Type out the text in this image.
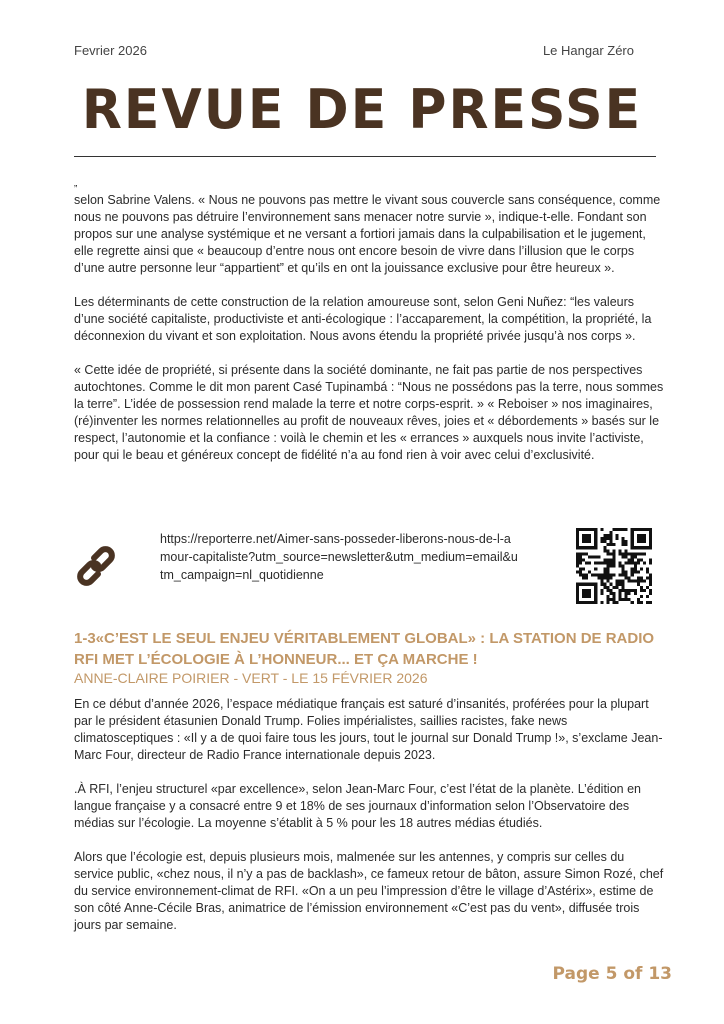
Fevrier 2026	Le Hangar Zéro
REVUE DE PRESSE
„

selon Sabrine Valens. « Nous ne pouvons pas mettre le vivant sous couvercle sans conséquence, comme nous ne pouvons pas détruire l’environnement sans menacer notre survie », indique-t-elle. Fondant son propos sur une analyse systémique et ne versant a fortiori jamais dans la culpabilisation et le jugement, elle regrette ainsi que « beaucoup d’entre nous ont encore besoin de vivre dans l’illusion que le corps d’une autre personne leur “appartient” et qu’ils en ont la jouissance exclusive pour être heureux ».

Les déterminants de cette construction de la relation amoureuse sont, selon Geni Nuñez: “les valeurs d’une société capitaliste, productiviste et anti-écologique : l’accaparement, la compétition, la propriété, la déconnexion du vivant et son exploitation. Nous avons étendu la propriété privée jusqu’à nos corps ».

« Cette idée de propriété, si présente dans la société dominante, ne fait pas partie de nos perspectives autochtones. Comme le dit mon parent Casé Tupinambá : “Nous ne possédons pas la terre, nous sommes la terre”. L’idée de possession rend malade la terre et notre corps-esprit. » « Reboiser » nos imaginaires, (ré)inventer les normes relationnelles au profit de nouveaux rêves, joies et « débordements » basés sur le respect, l’autonomie et la confiance : voilà le chemin et les « errances » auxquels nous invite l’activiste, pour qui le beau et généreux concept de fidélité n’a au fond rien à voir avec celui d’exclusivité.

https://reporterre.net/Aimer-sans-posseder-liberons-nous-de-l-amour-capitaliste?utm_source=newsletter&utm_medium=email&utm_campaign=nl_quotidienne
1-3«C’EST LE SEUL ENJEU VÉRITABLEMENT GLOBAL» : LA STATION DE RADIO RFI MET L’ÉCOLOGIE À L’HONNEUR... ET ÇA MARCHE !
ANNE-CLAIRE POIRIER - VERT - LE 15 FÉVRIER 2026

En ce début d’année 2026, l’espace médiatique français est saturé d’insanités, proférées pour la plupart par le président étasunien Donald Trump. Folies impérialistes, saillies racistes, fake news climatosceptiques : «Il y a de quoi faire tous les jours, tout le journal sur Donald Trump !», s’exclame Jean-Marc Four, directeur de Radio France internationale depuis 2023.

.À RFI, l’enjeu structurel «par excellence», selon Jean-Marc Four, c’est l’état de la planète. L’édition en langue française y a consacré entre 9 et 18% de ses journaux d’information selon l’Observatoire des médias sur l’écologie. La moyenne s’établit à 5 % pour les 18 autres médias étudiés.

Alors que l’écologie est, depuis plusieurs mois, malmenée sur les antennes, y compris sur celles du service public, «chez nous, il n’y a pas de backlash», ce fameux retour de bâton, assure Simon Rozé, chef du service environnement-climat de RFI. «On a un peu l’impression d’être le village d’Astérix», estime de son côté Anne-Cécile Bras, animatrice de l’émission environnement «C’est pas du vent», diffusée trois jours par semaine.

Page 5 of 13
